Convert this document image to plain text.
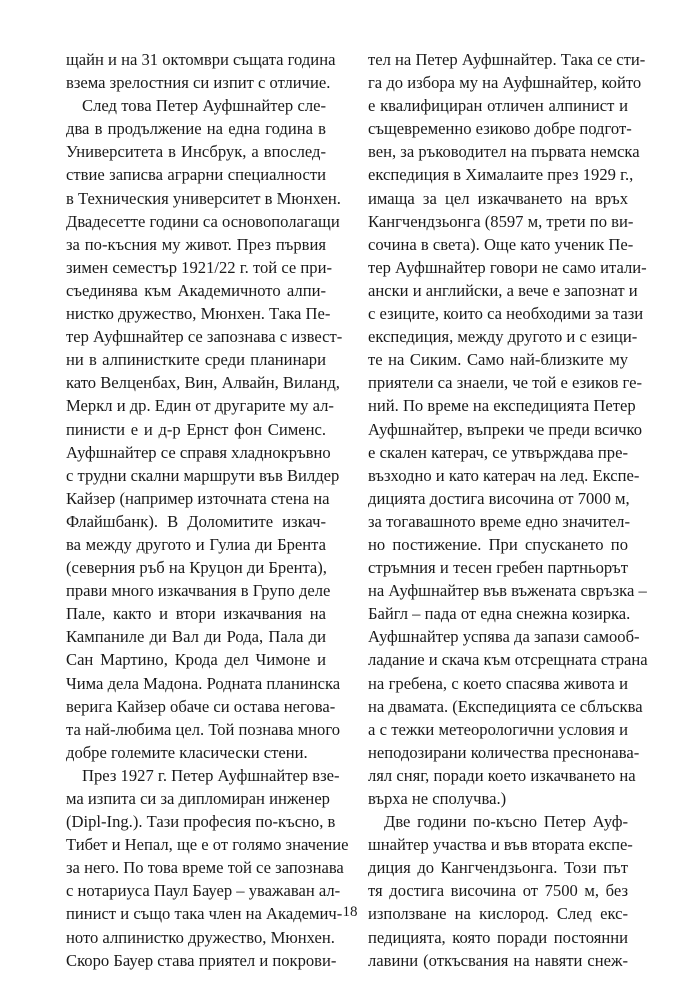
щайн и на 31 октомври същата година
взема зрелостния си изпит с отличие.
След това Петер Ауфшнайтер сле-
два в продължение на една година в
Университета в Инсбрук, а впослед-
ствие записва аграрни специалности
в Техническия университет в Мюнхен.
Двадесетте години са основополагащи
за по-късния му живот. През първия
зимен семестър 1921/22 г. той се при-
съединява към Академичното алпи-
нистко дружество, Мюнхен. Така Пе-
тер Ауфшнайтер се запознава с извест-
ни в алпинистките среди планинари
като Велценбах, Вин, Алвайн, Виланд,
Меркл и др. Един от другарите му ал-
пинисти е и д-р Ернст фон Сименс.
Ауфшнайтер се справя хладнокръвно
с трудни скални маршрути във Вилдер
Кайзер (например източната стена на
Флайшбанк). В Доломитите изкач-
ва между другото и Гулиа ди Брента
(северния ръб на Круцон ди Брента),
прави много изкачвания в Групо деле
Пале, както и втори изкачвания на
Кампаниле ди Вал ди Рода, Пала ди
Сан Мартино, Крода дел Чимоне и
Чима дела Мадона. Родната планинска
верига Кайзер обаче си остава негова-
та най-любима цел. Той познава много
добре големите класически стени.
През 1927 г. Петер Ауфшнайтер взе-
ма изпита си за дипломиран инженер
(Dipl-Ing.). Тази професия по-късно, в
Тибет и Непал, ще е от голямо значение
за него. По това време той се запознава
с нотариуса Паул Бауер – уважаван ал-
пинист и също така член на Академич-
ното алпинистко дружество, Мюнхен.
Скоро Бауер става приятел и покрови-
тел на Петер Ауфшнайтер. Така се сти-
га до избора му на Ауфшнайтер, който
е квалифициран отличен алпинист и
същевременно езиково добре подгот-
вен, за ръководител на първата немска
експедиция в Хималаите през 1929 г.,
имаща за цел изкачването на връх
Кангчендзьонга (8597 м, трети по ви-
сочина в света). Още като ученик Пе-
тер Ауфшнайтер говори не само итали-
ански и английски, а вече е запознат и
с езиците, които са необходими за тази
експедиция, между другото и с езици-
те на Сиким. Само най-близките му
приятели са знаели, че той е езиков ге-
ний. По време на експедицията Петер
Ауфшнайтер, въпреки че преди всичко
е скален катерач, се утвърждава пре-
възходно и като катерач на лед. Експе-
дицията достига височина от 7000 м,
за тогавашното време едно значител-
но постижение. При спускането по
стръмния и тесен гребен партньорът
на Ауфшнайтер във въжената свръзка –
Байгл – пада от една снежна козирка.
Ауфшнайтер успява да запази самооб-
ладание и скача към отсрещната страна
на гребена, с което спасява живота и
на двамата. (Експедицията се сблъсква
а с тежки метеорологични условия и
неподозирани количества преснонава-
лял сняг, поради което изкачването на
върха не сполучва.)
Две години по-късно Петер Ауф-
шнайтер участва и във втората експе-
диция до Кангчендзьонга. Този път
тя достига височина от 7500 м, без
използване на кислород. След екс-
педицията, която поради постоянни
лавини (откъсвания на навяти снеж-
18
